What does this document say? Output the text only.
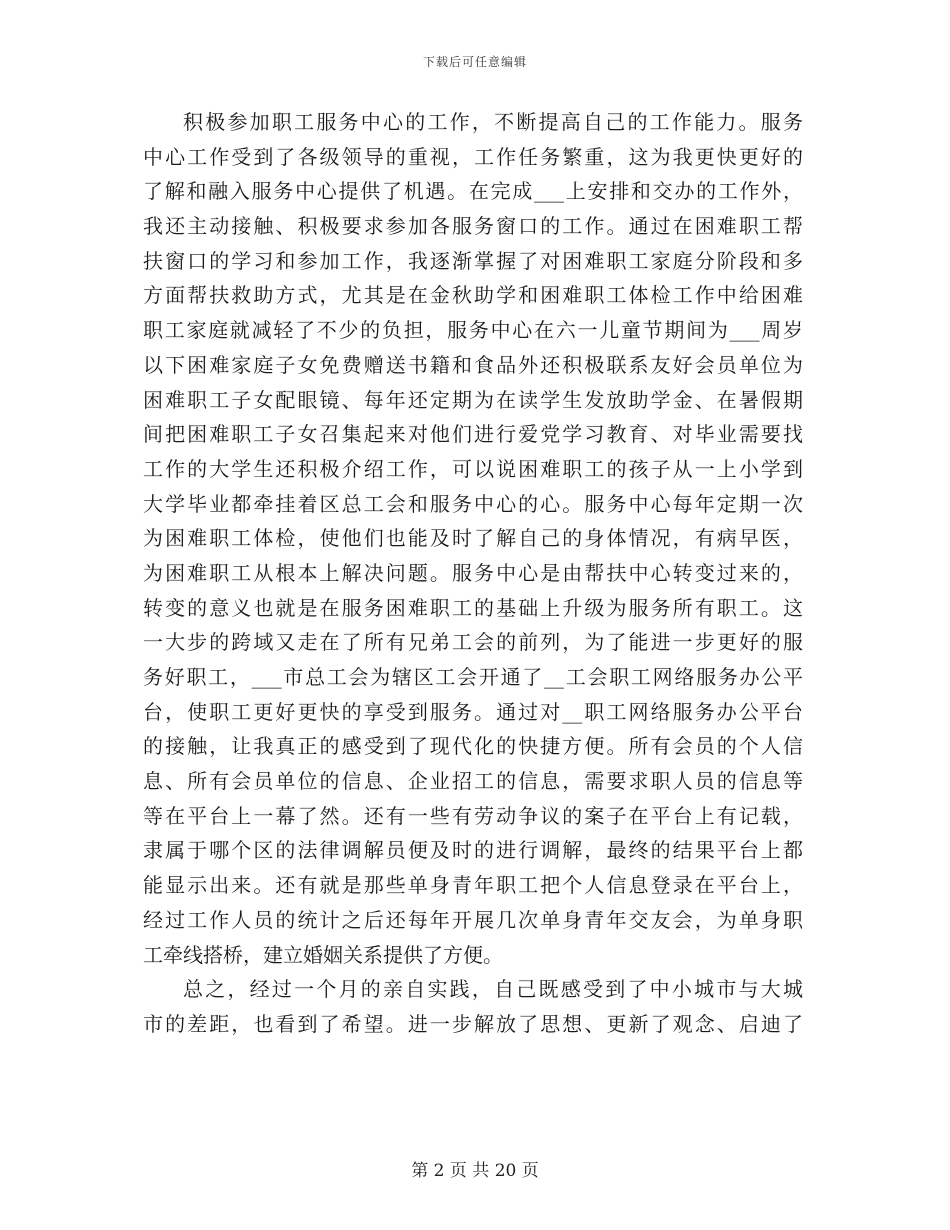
下载后可任意编辑
积极参加职工服务中心的工作，不断提高自己的工作能力。服务
中心工作受到了各级领导的重视，工作任务繁重，这为我更快更好的
了解和融入服务中心提供了机遇。在完成___上安排和交办的工作外，
我还主动接触、积极要求参加各服务窗口的工作。通过在困难职工帮
扶窗口的学习和参加工作，我逐渐掌握了对困难职工家庭分阶段和多
方面帮扶救助方式，尤其是在金秋助学和困难职工体检工作中给困难
职工家庭就减轻了不少的负担，服务中心在六一儿童节期间为___周岁
以下困难家庭子女免费赠送书籍和食品外还积极联系友好会员单位为
困难职工子女配眼镜、每年还定期为在读学生发放助学金、在暑假期
间把困难职工子女召集起来对他们进行爱党学习教育、对毕业需要找
工作的大学生还积极介绍工作，可以说困难职工的孩子从一上小学到
大学毕业都牵挂着区总工会和服务中心的心。服务中心每年定期一次
为困难职工体检，使他们也能及时了解自己的身体情况，有病早医，
为困难职工从根本上解决问题。服务中心是由帮扶中心转变过来的，
转变的意义也就是在服务困难职工的基础上升级为服务所有职工。这
一大步的跨域又走在了所有兄弟工会的前列，为了能进一步更好的服
务好职工，___市总工会为辖区工会开通了__工会职工网络服务办公平
台，使职工更好更快的享受到服务。通过对__职工网络服务办公平台
的接触，让我真正的感受到了现代化的快捷方便。所有会员的个人信
息、所有会员单位的信息、企业招工的信息，需要求职人员的信息等
等在平台上一幕了然。还有一些有劳动争议的案子在平台上有记载，
隶属于哪个区的法律调解员便及时的进行调解，最终的结果平台上都
能显示出来。还有就是那些单身青年职工把个人信息登录在平台上，
经过工作人员的统计之后还每年开展几次单身青年交友会，为单身职
工牵线搭桥，建立婚姻关系提供了方便。
总之，经过一个月的亲自实践，自己既感受到了中小城市与大城
市的差距，也看到了希望。进一步解放了思想、更新了观念、启迪了
第 2 页 共 20 页
